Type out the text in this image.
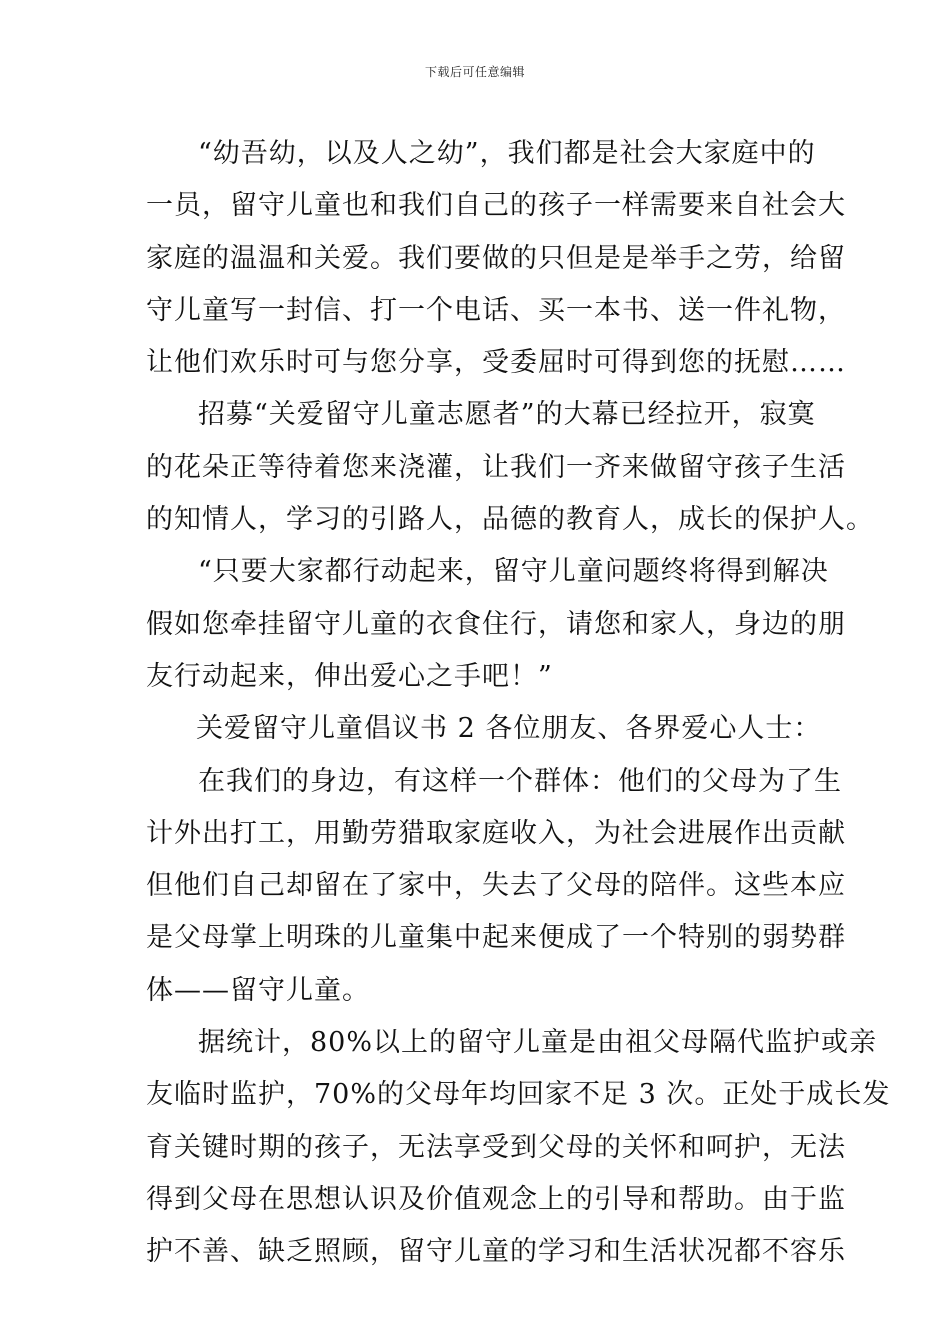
下载后可任意编辑
“幼吾幼，以及人之幼”，我们都是社会大家庭中的
一员，留守儿童也和我们自己的孩子一样需要来自社会大
家庭的温温和关爱。我们要做的只但是是举手之劳，给留
守儿童写一封信、打一个电话、买一本书、送一件礼物，
让他们欢乐时可与您分享，受委屈时可得到您的抚慰……
招募“关爱留守儿童志愿者”的大幕已经拉开，寂寞
的花朵正等待着您来浇灌，让我们一齐来做留守孩子生活
的知情人，学习的引路人，品德的教育人，成长的保护人。
“只要大家都行动起来，留守儿童问题终将得到解决
假如您牵挂留守儿童的衣食住行，请您和家人，身边的朋
友行动起来，伸出爱心之手吧！”
关爱留守儿童倡议书 2 各位朋友、各界爱心人士：
在我们的身边，有这样一个群体：他们的父母为了生
计外出打工，用勤劳猎取家庭收入，为社会进展作出贡献
但他们自己却留在了家中，失去了父母的陪伴。这些本应
是父母掌上明珠的儿童集中起来便成了一个特别的弱势群
体——留守儿童。
据统计，80%以上的留守儿童是由祖父母隔代监护或亲
友临时监护，70%的父母年均回家不足 3 次。正处于成长发
育关键时期的孩子，无法享受到父母的关怀和呵护，无法
得到父母在思想认识及价值观念上的引导和帮助。由于监
护不善、缺乏照顾，留守儿童的学习和生活状况都不容乐
